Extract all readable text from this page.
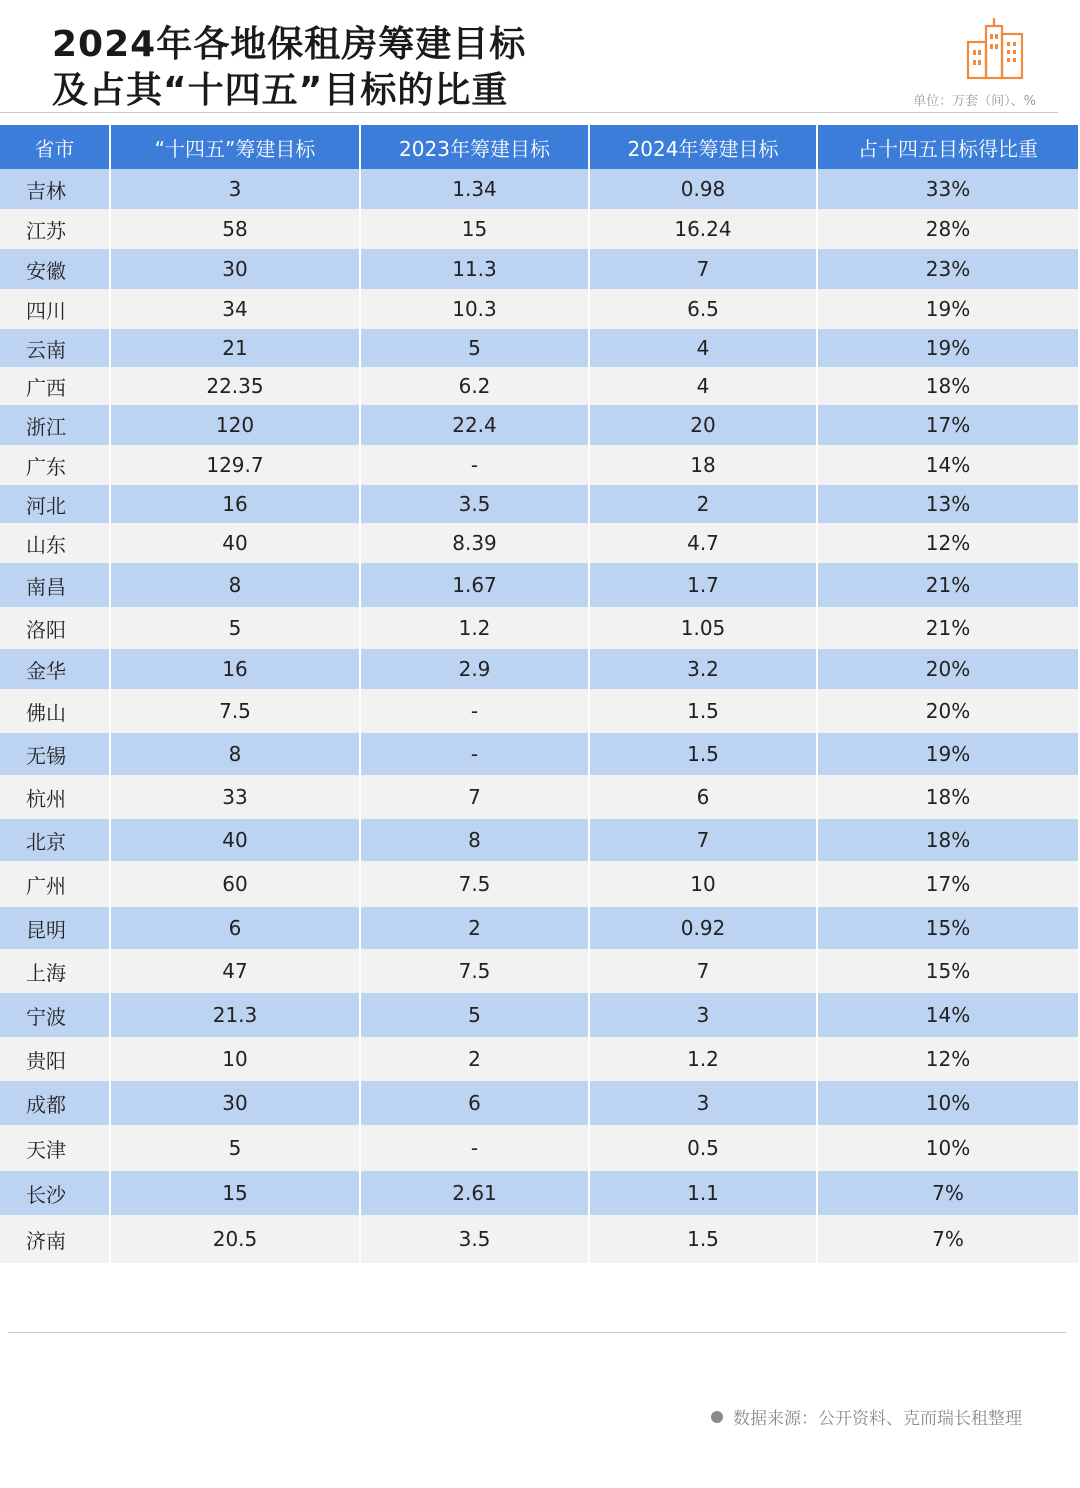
2024年各地保租房筹建目标
及占其“十四五”目标的比重	单位：万套（间）、%
省市	“十四五”筹建目标	2023年筹建目标	2024年筹建目标	占十四五目标得比重
吉林	3	1.34	0.98	33%
江苏	58	15	16.24	28%
安徽	30	11.3	7	23%
四川	34	10.3	6.5	19%
云南	21	5	4	19%
广西	22.35	6.2	4	18%
浙江	120	22.4	20	17%
广东	129.7	-	18	14%
河北	16	3.5	2	13%
山东	40	8.39	4.7	12%
南昌	8	1.67	1.7	21%
洛阳	5	1.2	1.05	21%
金华	16	2.9	3.2	20%
佛山	7.5	-	1.5	20%
无锡	8	-	1.5	19%
杭州	33	7	6	18%
北京	40	8	7	18%
广州	60	7.5	10	17%
昆明	6	2	0.92	15%
上海	47	7.5	7	15%
宁波	21.3	5	3	14%
贵阳	10	2	1.2	12%
成都	30	6	3	10%
天津	5	-	0.5	10%
长沙	15	2.61	1.1	7%
济南	20.5	3.5	1.5	7%
数据来源：公开资料、克而瑞长租整理
